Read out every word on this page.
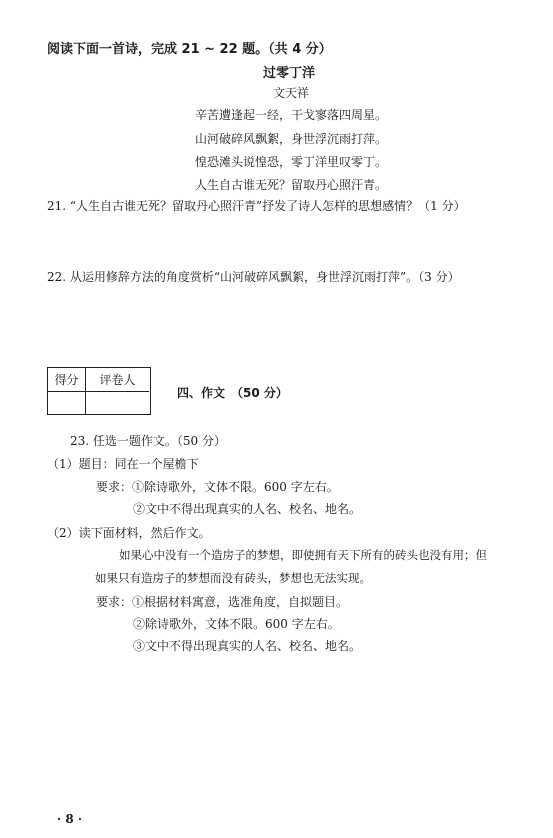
阅读下面一首诗，完成 21 ~ 22 题。（共 4 分）
过零丁洋
文天祥
辛苦遭逢起一经，干戈寥落四周星。
山河破碎风飘絮，身世浮沉雨打萍。
惶恐滩头说惶恐，零丁洋里叹零丁。
人生自古谁无死？留取丹心照汗青。
21. “人生自古谁无死？留取丹心照汗青”抒发了诗人怎样的思想感情？（1 分）
22. 从运用修辞方法的角度赏析“山河破碎风飘絮，身世浮沉雨打萍”。（3 分）
得分	评卷人
四、作文　（50 分）
23. 任选一题作文。（50 分）
（1）题目：同在一个屋檐下
要求：①除诗歌外，文体不限。600 字左右。
②文中不得出现真实的人名、校名、地名。
（2）读下面材料，然后作文。
如果心中没有一个造房子的梦想，即使拥有天下所有的砖头也没有用；但
如果只有造房子的梦想而没有砖头，梦想也无法实现。
要求：①根据材料寓意，选准角度，自拟题目。
②除诗歌外，文体不限。600 字左右。
③文中不得出现真实的人名、校名、地名。
· 8 ·
